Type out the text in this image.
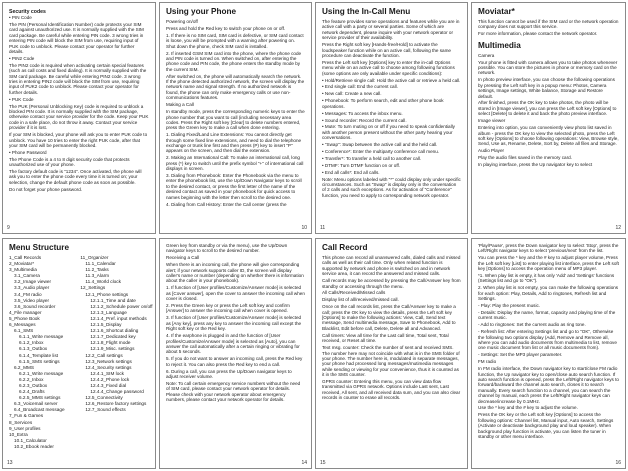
Security codes
• PIN Code
The PIN (Personal Identification Number) code protects your SIM card against unauthorized use. It is normally supplied with the SIM card package. Be careful while entering PIN code. 3 wrong tries in entering PIN code will block the SIM from use, requiring input of PUK code to unblock. Please contact your operator for further details.
• PIN2 Code
The PIN2 code is required when activating certain special features (such as call costs and fixed dialing). It is normally supplied with the SIM card package. Be careful while entering PIN2 code. 3 wrong tries in entering PIN2 code will block the SIM from use, requiring input of PUK2 code to unblock. Please contact your operator for further details.
• PUK Code
The PUK (Personal Unblocking Key) code is required to unblock a blocked PIN code. It is normally supplied with the SIM package, otherwise contact your service provider for the code. Keep your PUK code in a safe place, do not throw it away. Contact your service provider if it is lost.
If your SIM is blocked, your phone will ask you to enter PUK code to unblock. You have 10 tries to enter the right PUK code, after that your SIM card will be permanently blocked.
• Phone Password
The Phone Code is a 4 to 8 digit security code that protects unauthorized use of your phone.
The factory default code is "1234". Once activated, the phone will ask you to enter the phone code every time it is turned on; your selection, change the default phone code as soon as possible.
Do not forget your phone password.
9
Using your Phone
Powering on/off
Press and hold the Red key to switch your phone on or off.
1. If there is no SIM card, SIM card is defective, or SIM card contact is loose, you will be prompted with a warning after powering on. Shut down the phone, check SIM card is installed.
2. If inserted GSM SIM card into the phone, where the phone code and PIN code is turned on. When switched on, after entering the phone code and PIN code, the phone enters the standby mode by the current SIM.
After switched on, the phone will automatically search the network. If the phone detected authorized network, the screen will display the network name and signal strength. If no authorized network is found, the phone can only make emergency calls or use non-communications features.
Making a Call
In standby mode, press the corresponding numeric keys to enter the phone number that you want to call (including necessary area codes. Press the Right soft key [Clear] to delete numbers entered, press the Green key to make a call when done entering.
1. Dialing Fixed/Land Line Extensions: You cannot directly get through some fixed line extensions, and need to dial the telephone exchange or trunk line first and then press (P) key to insert "P" appears on the screen, and then dial the extension.
2. Making an International Call: To make an international call, long press (*) key to switch until the prefix symbol "+" of international call displays in screen.
3. Dialing from Phonebook: Enter the Phonebook via the menu to enter the phonebook list, use the Up/Down Navigator keys to scroll to the desired contact, or press the first letter of the name of the desired contact as saved in your phonebook for quick access to names beginning with the letter then scroll to the desired one.
4. Dialing from Call History: Enter the Call center (press the
10
Using the In-Call Menu
The feature provides some operations and features while you are in active call with a party or several parties. Some of which are network dependent, please inquire with your network operator or service provider of their availability.
Press the Right soft key [Hands-free/Hold] to activate the loudspeaker function while on an active call, following the same procedure can deactivate the function.
Press the Left soft key [Options] key to enter the in-call Options menu while on an active call to choose among following functions (some options are only available under specific conditions):
• Hold/Retrieve single call: Hold the active call or retrieve a held call.
• End single call: End the current call.
• New call: Create a new call.
• Phonebook: To perform search, edit and other phone book operations.
• Messages: To access the inbox menu.
• Sound recorder: Record the current call.
• Mute: To turn muting on or off if you need to speak confidentially with another person present without the other party hearing your conversations.
• "Swap": Swap between the active call and the held call.
• Conference*: Enter the multiparty conference call menu.
• Transfer*: To transfer a held call to another call.
• DTMF: Turn DTMF function on or off.
• End all calls*: End all calls.
Note: Menu options labeled with "*" could display only under specific circumstances. Such as "Swap" is display only in the conversation of 2 calls and such exceptions. As for activation of "Conference" function, you need to apply to corresponding network operator.
11
Moviatar*
This function cannot be used if the SIM card or the network operation company does not support this service.
For more information, please contact the network operator.
Multimedia
Camera
Your phone is fitted with camera allows you to take photos whenever possible. You can store the pictures in phone or memory card on the network.
In photo preview interface, you can choose the following operations by pressing the Left soft key in a popup menu: Photos, Camera settings, Image settings, White balance, Storage and Restore default.
After finished, press the OK key to take photos, the photo will be stored in [Image viewer], you can press the Left soft key [Options] to select [Delete] to delete it and back the photo preview interface.
Image viewer
Entering into option, you can conveniently view photo list saved in album - press the OK key to view the selected photo, press the Left soft key [Options] to choose following operations: View, Browse style, Send, Use as, Rename, Delete, Sort by, Delete all files and Storage.
Audio Player
Play the audio files saved in the memory card.
In playing interface, press the Up navigator key to select
12
Menu Structure
1_Call Records
2_Moviatar*
3_Multimedia
3.1_Camera
3.2_Image viewer
3.3_Audio player
3.4_FM radio
3.5_Video player
3.6_Sound recorder
4_File manager
5_Phone Book
6_Messages
6.1_SMS
6.1.1_Write message
6.1.2_Inbox
6.1.3_Outbox
6.1.4_Template list
6.1.5_SMS settings
6.2_MMS
6.2.1_Write message
6.2.2_Inbox
6.2.3_Outbox
6.2.4_Drafts
6.2.5_MMS settings
6.3_Voicemail server
6.4_Broadcast message
7_Fun & Games
8_Services
9_User profiles
10_Extra
10.1_Calculator
10.2_Ebook reader
11_Organizer
11.1_Calendar
11.2_Tasks
11.3_Alarm
11.4_World clock
12_Settings
12.1_Phone settings
12.1.1_Time and date
12.1.2_Schedule power on/off
12.1.3_Language
12.1.4_Pref. input methods
12.1.5_Display
12.1.6_Shortcut dialing
12.1.7_Dedicated key
12.1.8_Flight mode
12.1.9_Misc. settings
12.2_Call settings
12.3_Network settings
12.4_Security settings
12.4.1_SIM lock
12.4.2_Phone lock
12.4.3_Fixed dial
12.4.4_Change password
12.5_Connectivity
12.6_Restore factory settings
12.7_Sound effects
13
Green key from standby or via the menu), use the Up/Down navigator keys to scroll to the desired number.
Receiving a Call
When there is an incoming call, the phone will give corresponding alert; if your network supports caller ID, the screen will display caller's name or number (depending on whether there is information about the caller in your phonebook).
1. If function of [User profiles/Customize/Answer mode] is selected as [Cover answer], open the cover to answer the incoming call when cover is closed.
2. Press the Green key or press the Left soft key and confirm [Answer] to answer the incoming call when cover is opened.
3. If function of [User profiles/Customize/Answer mode] is selected as [Any key], press any key to answer the incoming call except the Right soft key or the Red key.
4. If the earphone is plugged in and the function of [User profiles/Customize/Answer mode] is selected as [Auto], you can answer the call automatically after a certain ringing or vibrating for about 5 seconds.
5. If you do not want to answer an incoming call, press the Red key to reject it. You can also press the Red key to end a call.
6. During a call, you can press the Up/Down navigator keys to adjust receiver volume.
Note: To call certain emergency service numbers without the need of SIM card, please contact your network operator for details. Please check with your network operator about emergency numbers, please contact your network operator for details.
14
Call Record
This phone can record all unanswered calls, dialed calls and missed calls as well as their call time. Only when related function is supported by network and phone is switched on and in network service area, it can record the answered and missed calls.
Call records may be accessed by pressing the Call/Answer key from standby or accessing through the menu.
All Calls/Received/Missed calls
Display list of all/received/missed call.
Once on the call records list, press the Call/Answer key to make a call; press the OK key to view the details, press the Left soft key [Options] to make the following actions: View, Call, Send text message, Send multimedia message, Save to Phonebook, Add to Blacklist, Edit before call, Delete, Delete all and Advanced.
Call timers: View all time for the Last call time, Total sent, Total received, or Reset all time.
Text msg. counter: Check the number of sent and received SMS. The number here may not coincide with what is in the SMS folder of your phone. The number here is, modulated in separate messages, your phone had processed long messages/mutimedia messages while sending or viewing for your convenience, thus it is counted as it in the SMS counter.
GPRS counter: Entering this menu, you can view data flow transmitted via GPRS network. Options include Last sent, Last received, All sent, and all received data sum, and you can also clear records in counter to erase all records.
15
'Play/Pause', press the Down navigator key to select 'Stop', press the Left/Right navigator keys to select 'previous/next' from the list.
You can press the * key and the # key to adjust player volume, Press the Left soft key [List] to enter playing list interface, press the Left soft key [Options] to access the operation menu of MP3 player.
*1. When play list is empty, it has only 'Add' and 'Settings' functions (Settings list and go to "OK").
2. When play list is not empty, you can make the following operations for each option: Play, Details, Add to ringtones, Refresh list and Settings.
- Play: Play the present music.
- Details: Display the name, format, capacity and playing time of the current music.
- Add to ringtones: Set the current audio as ring tone.
- Refresh list: After entering Settings list and go to "OK", Otherwise the following two options display (Add, Remove and Remove all, where you can add audio documents from multimedia to list, remove one music document from list or all music documents from).
- Settings: Set the MP3 player parameter.
FM radio
In FM radio interface, the Down navigator key to start/close FM radio function, the Up navigator key to open/close auto search function. If auto search function is opened, press the Left/Right navigator keys to forward/backward the channel auto search, closes it to search manually. Every search function to a channel, you can search the channel by manual, each press the Left/Right navigator keys can decrease/increase by 0.1MHz.
Use the * key and the # key to adjust the volume.
Press the OK key or the Left soft key [Options] to access the following options: Channel list, Manual input, Auto search, Settings (Activate or deactivate background play and loud speaker). When background play function is activate, you can listen the tuner in standby or other menu interface.
16
